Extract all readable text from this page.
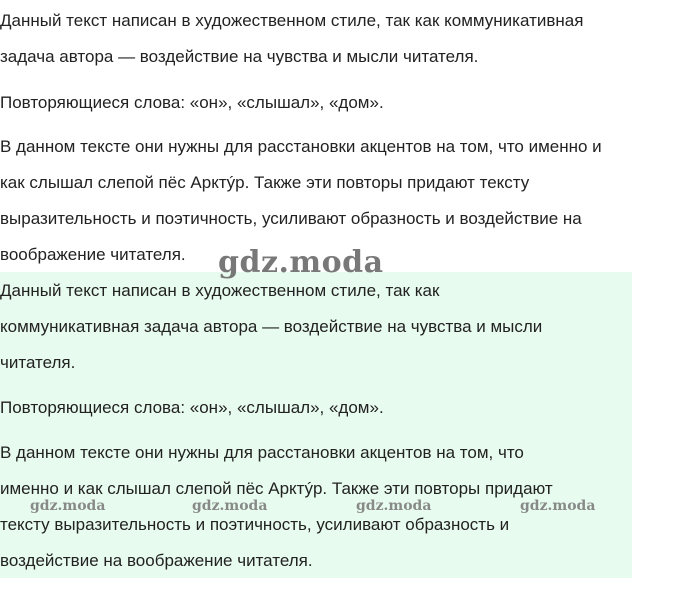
Данный текст написан в художественном стиле, так как коммуникативная
задача автора — воздействие на чувства и мысли читателя.
Повторяющиеся слова: «он», «слышал», «дом».
В данном тексте они нужны для расстановки акцентов на том, что именно и
как слышал слепой пёс Арктýр. Также эти повторы придают тексту
выразительность и поэтичность, усиливают образность и воздействие на
воображение читателя.
Данный текст написан в художественном стиле, так как
коммуникативная задача автора — воздействие на чувства и мысли
читателя.
Повторяющиеся слова: «он», «слышал», «дом».
В данном тексте они нужны для расстановки акцентов на том, что
именно и как слышал слепой пёс Арктýр. Также эти повторы придают
тексту выразительность и поэтичность, усиливают образность и
воздействие на воображение читателя.
gdz.moda
gdz.moda	gdz.moda	gdz.moda	gdz.moda
